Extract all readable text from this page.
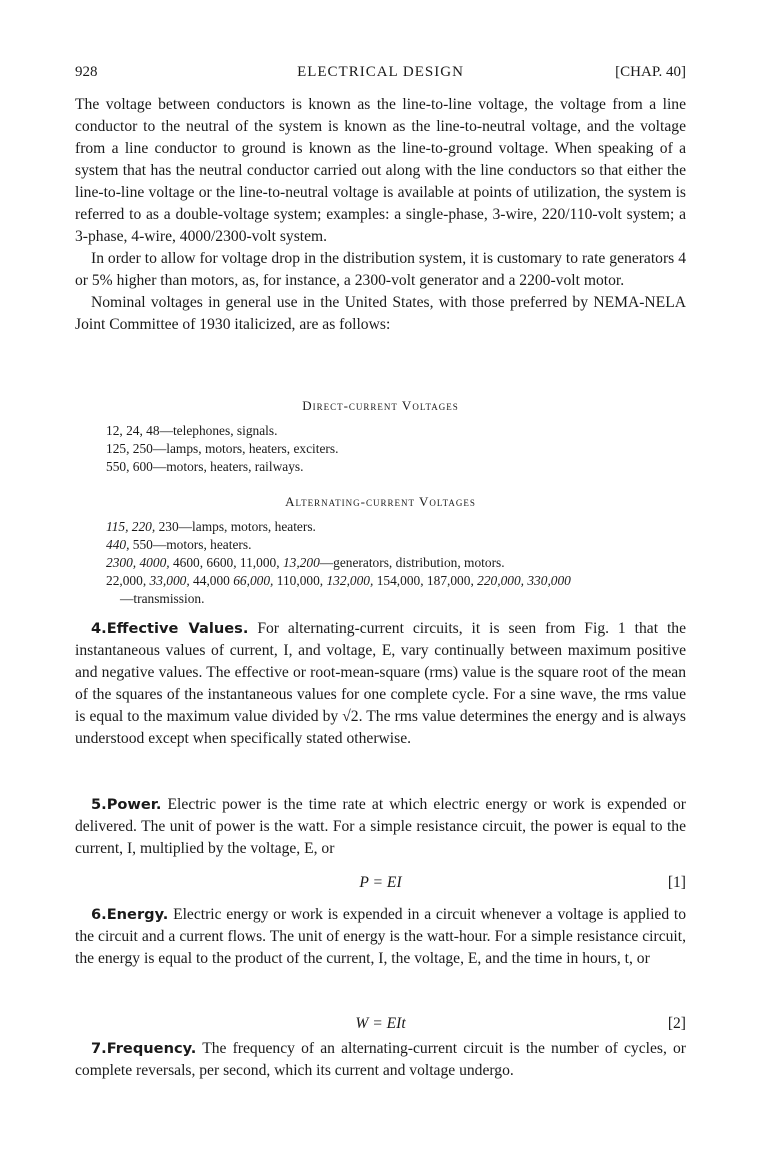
928	ELECTRICAL DESIGN	[CHAP. 40]

The voltage between conductors is known as the line-to-line voltage, the voltage from a line conductor to the neutral of the system is known as the line-to-neutral voltage, and the voltage from a line conductor to ground is known as the line-to-ground voltage. When speaking of a system that has the neutral conductor carried out along with the line conductors so that either the line-to-line voltage or the line-to-neutral voltage is available at points of utilization, the system is referred to as a double-voltage system; examples: a single-phase, 3-wire, 220/110-volt system; a 3-phase, 4-wire, 4000/2300-volt system.

In order to allow for voltage drop in the distribution system, it is customary to rate generators 4 or 5% higher than motors, as, for instance, a 2300-volt generator and a 2200-volt motor.

Nominal voltages in general use in the United States, with those preferred by NEMA-NELA Joint Committee of 1930 italicized, are as follows:

Direct-current Voltages

12, 24, 48—telephones, signals.

125, 250—lamps, motors, heaters, exciters.

550, 600—motors, heaters, railways.

Alternating-current Voltages

115, 220, 230—lamps, motors, heaters.

440, 550—motors, heaters.

2300, 4000, 4600, 6600, 11,000, 13,200—generators, distribution, motors.

22,000, 33,000, 44,000 66,000, 110,000, 132,000, 154,000, 187,000, 220,000, 330,000

—transmission.

4.Effective Values. For alternating-current circuits, it is seen from Fig. 1 that the instantaneous values of current, I, and voltage, E, vary continually between maximum positive and negative values. The effective or root-mean-square (rms) value is the square root of the mean of the squares of the instantaneous values for one complete cycle. For a sine wave, the rms value is equal to the maximum value divided by √2. The rms value determines the energy and is always understood except when specifically stated otherwise.

5.Power. Electric power is the time rate at which electric energy or work is expended or delivered. The unit of power is the watt. For a simple resistance circuit, the power is equal to the current, I, multiplied by the voltage, E, or

P = EI	[1]

6.Energy. Electric energy or work is expended in a circuit whenever a voltage is applied to the circuit and a current flows. The unit of energy is the watt-hour. For a simple resistance circuit, the energy is equal to the product of the current, I, the voltage, E, and the time in hours, t, or

W = EIt	[2]

7.Frequency. The frequency of an alternating-current circuit is the number of cycles, or complete reversals, per second, which its current and voltage undergo.
